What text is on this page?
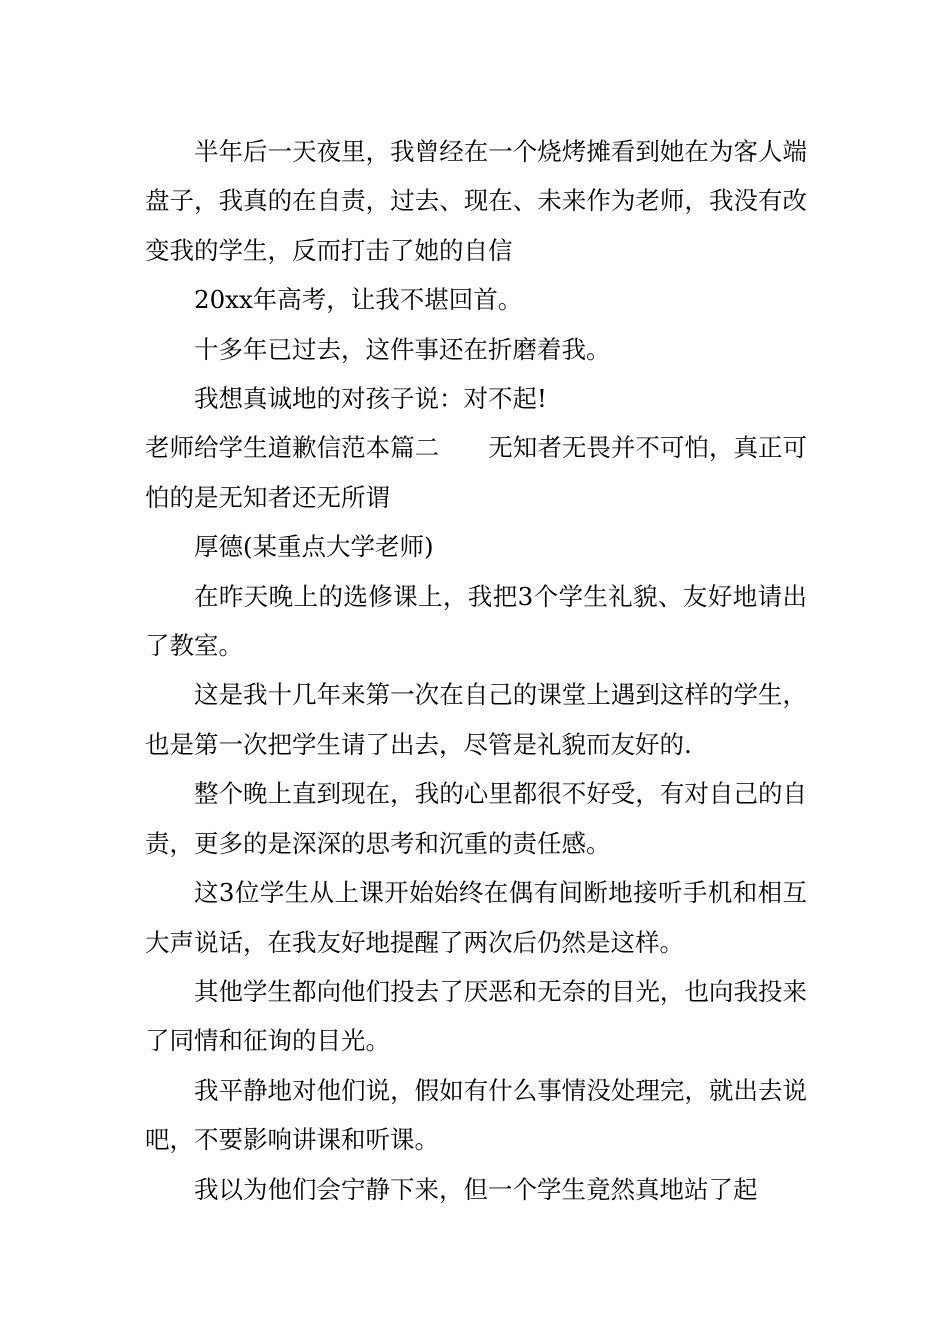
半年后一天夜里，我曾经在一个烧烤摊看到她在为客人端盘子，我真的在自责，过去、现在、未来作为老师，我没有改变我的学生，反而打击了她的自信

20xx年高考，让我不堪回首。

十多年已过去，这件事还在折磨着我。

我想真诚地的对孩子说：对不起!

老师给学生道歉信范本篇二 无知者无畏并不可怕，真正可怕的是无知者还无所谓

厚德(某重点大学老师)

在昨天晚上的选修课上，我把3个学生礼貌、友好地请出了教室。

这是我十几年来第一次在自己的课堂上遇到这样的学生，也是第一次把学生请了出去，尽管是礼貌而友好的.

整个晚上直到现在，我的心里都很不好受，有对自己的自责，更多的是深深的思考和沉重的责任感。

这3位学生从上课开始始终在偶有间断地接听手机和相互大声说话，在我友好地提醒了两次后仍然是这样。

其他学生都向他们投去了厌恶和无奈的目光，也向我投来了同情和征询的目光。

我平静地对他们说，假如有什么事情没处理完，就出去说吧，不要影响讲课和听课。

我以为他们会宁静下来，但一个学生竟然真地站了起
